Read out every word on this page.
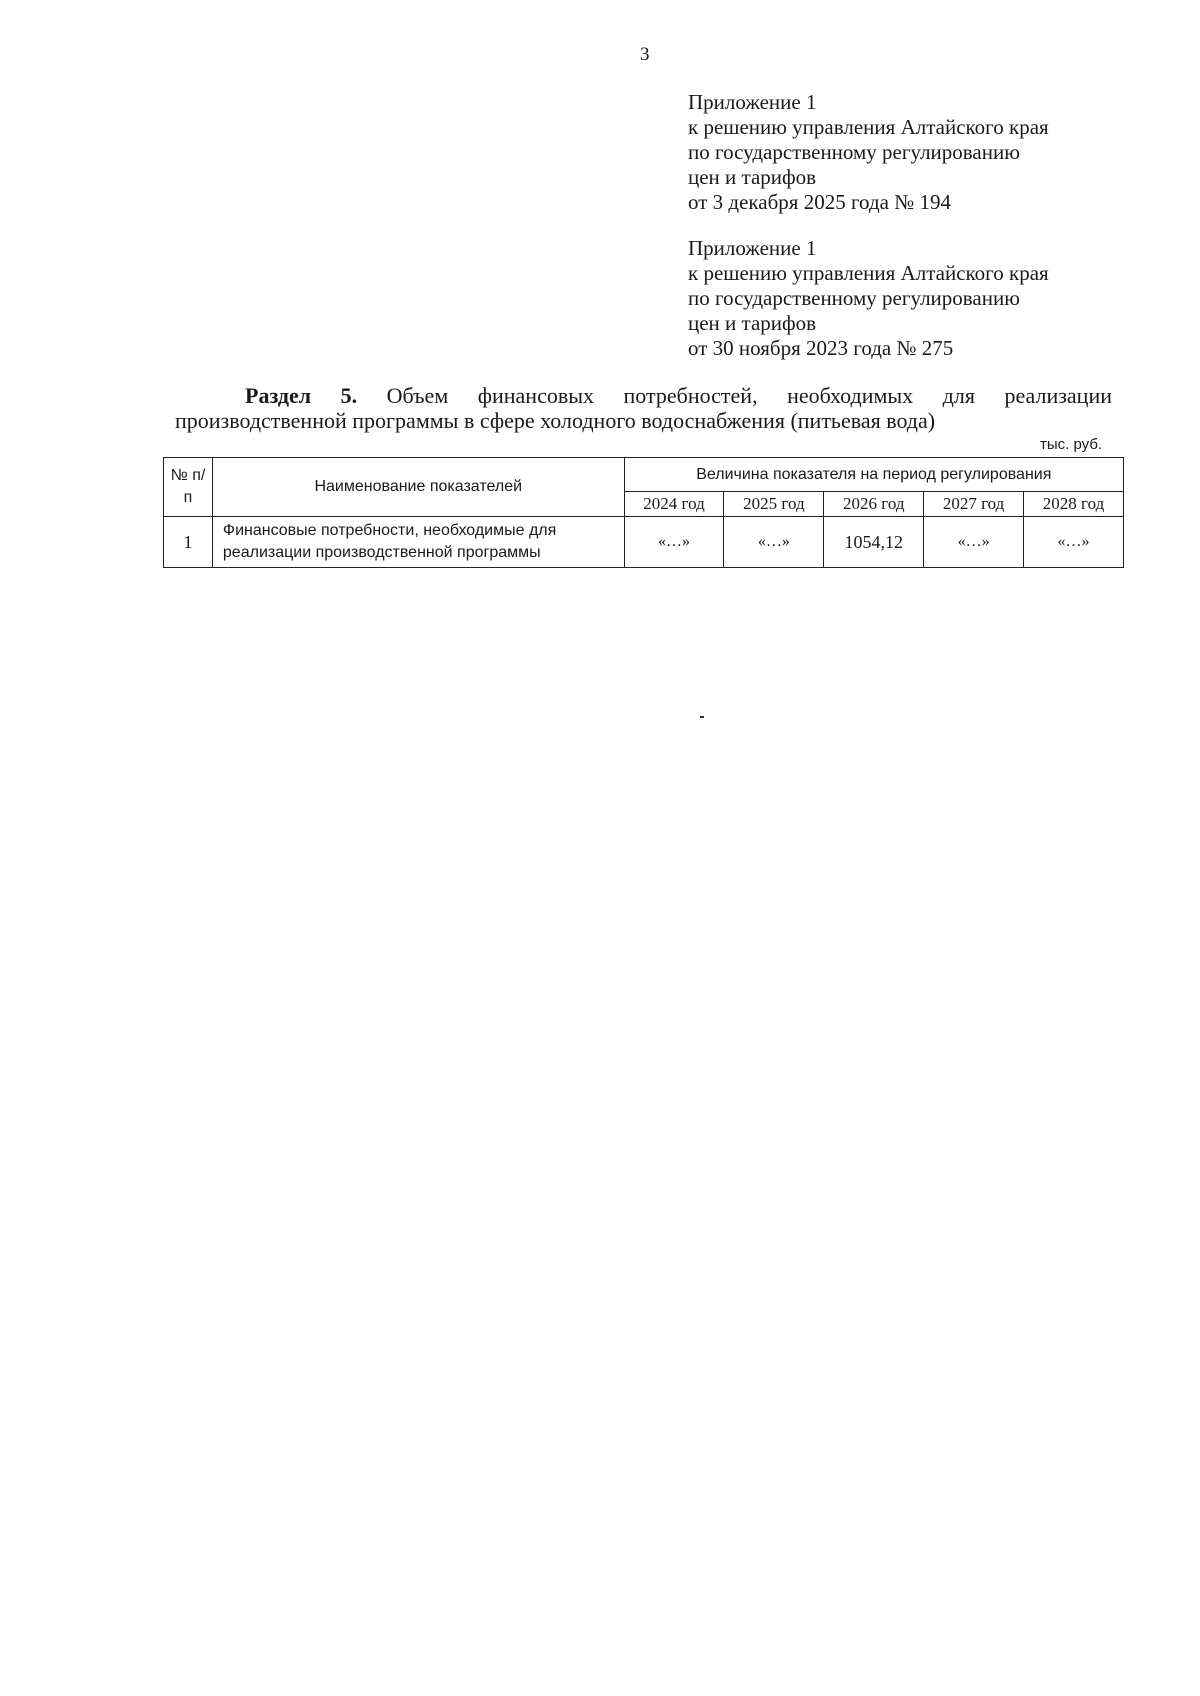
3
Приложение 1
к решению управления Алтайского края
по государственному регулированию
цен и тарифов
от 3 декабря 2025 года № 194
Приложение 1
к решению управления Алтайского края
по государственному регулированию
цен и тарифов
от 30 ноября 2023 года № 275
Раздел 5. Объем финансовых потребностей, необходимых для реализации производственной программы в сфере холодного водоснабжения (питьевая вода)
тыс. руб.
№ п/п	Наименование показателей	Величина показателя на период регулирования				
		2024 год	2025 год	2026 год	2027 год	2028 год
1	Финансовые потребности, необходимые для реализации производственной программы	«…»	«…»	1054,12	«…»	«…»
